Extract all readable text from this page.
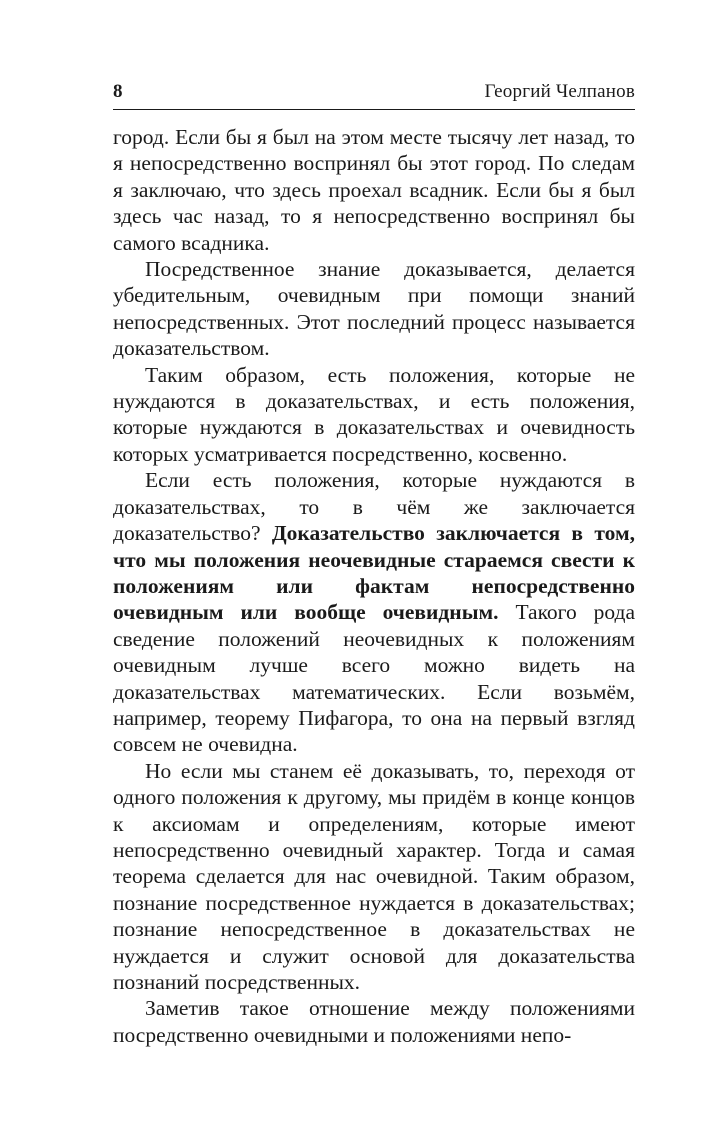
8	Георгий Челпанов

город. Если бы я был на этом месте тысячу лет назад, то я непосредственно воспринял бы этот город. По следам я заключаю, что здесь проехал всадник. Если бы я был здесь час назад, то я непосредственно воспринял бы самого всадника.

Посредственное знание доказывается, делается убедительным, очевидным при помощи знаний непосредственных. Этот последний процесс называется доказательством.

Таким образом, есть положения, которые не нуждаются в доказательствах, и есть положения, которые нуждаются в доказательствах и очевидность которых усматривается посредственно, косвенно.

Если есть положения, которые нуждаются в доказательствах, то в чём же заключается доказательство? Доказательство заключается в том, что мы положения неочевидные стараемся свести к положениям или фактам непосредственно очевидным или вообще очевидным. Такого рода сведение положений неочевидных к положениям очевидным лучше всего можно видеть на доказательствах математических. Если возьмём, например, теорему Пифагора, то она на первый взгляд совсем не очевидна.

Но если мы станем её доказывать, то, переходя от одного положения к другому, мы придём в конце концов к аксиомам и определениям, которые имеют непосредственно очевидный характер. Тогда и самая теорема сделается для нас очевидной. Таким образом, познание посредственное нуждается в доказательствах; познание непосредственное в доказательствах не нуждается и служит основой для доказательства познаний посредственных.

Заметив такое отношение между положениями посредственно очевидными и положениями непо-
